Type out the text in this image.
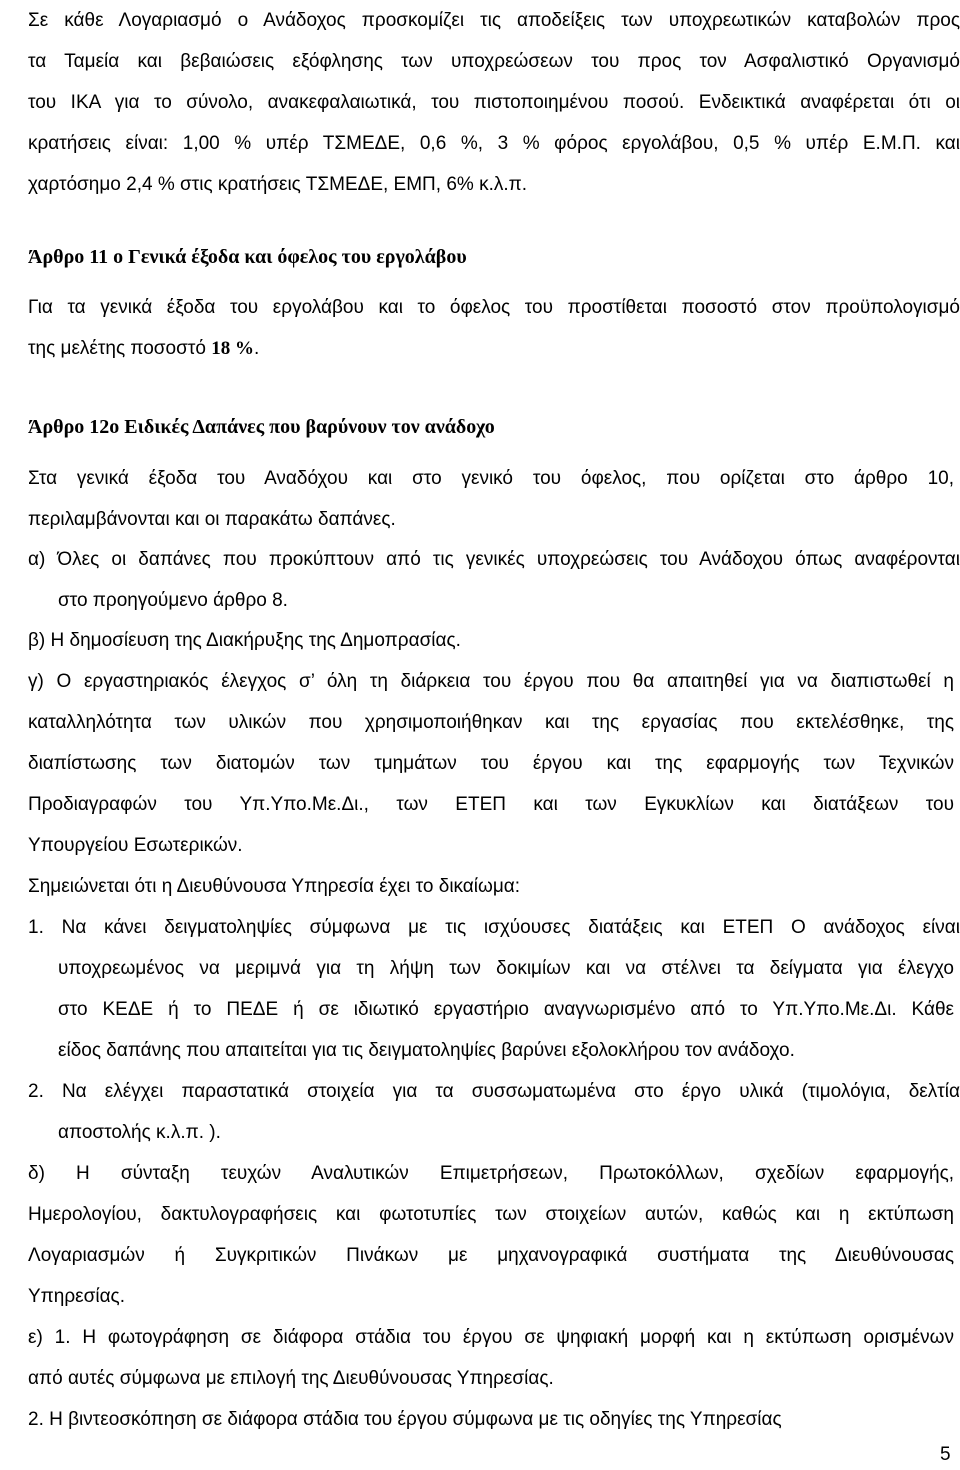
Σε κάθε Λογαριασμό ο Ανάδοχος προσκομίζει τις αποδείξεις των υποχρεωτικών καταβολών προς
τα Ταμεία και βεβαιώσεις εξόφλησης των υποχρεώσεων του προς τον Ασφαλιστικό Οργανισμό
του ΙΚΑ για το σύνολο, ανακεφαλαιωτικά, του πιστοποιημένου ποσού. Ενδεικτικά αναφέρεται ότι οι
κρατήσεις είναι: 1,00 % υπέρ ΤΣΜΕΔΕ, 0,6 %, 3 % φόρος εργολάβου, 0,5 % υπέρ Ε.Μ.Π. και
χαρτόσημο 2,4 % στις κρατήσεις ΤΣΜΕΔΕ, ΕΜΠ, 6% κ.λ.π.
Άρθρο 11 ο Γενικά έξοδα και όφελος του εργολάβου
Για τα γενικά έξοδα του εργολάβου και το όφελος του προστίθεται ποσοστό στον προϋπολογισμό
της μελέτης ποσοστό 18 %.
Άρθρο 12ο Ειδικές Δαπάνες που βαρύνουν τον ανάδοχο
Στα γενικά έξοδα του Αναδόχου και στο γενικό του όφελος, που ορίζεται στο άρθρο 10,
περιλαμβάνονται και οι παρακάτω δαπάνες.
α) Όλες οι δαπάνες που προκύπτουν από τις γενικές υποχρεώσεις του Ανάδοχου όπως αναφέρονται
στο προηγούμενο άρθρο 8.
β) Η δημοσίευση της Διακήρυξης της Δημοπρασίας.
γ) Ο εργαστηριακός έλεγχος σ’ όλη τη διάρκεια του έργου που θα απαιτηθεί για να διαπιστωθεί η
καταλληλότητα των υλικών που χρησιμοποιήθηκαν και της εργασίας που εκτελέσθηκε, της
διαπίστωσης των διατομών των τμημάτων του έργου και της εφαρμογής των Τεχνικών
Προδιαγραφών του Υπ.Υπο.Με.Δι., των ΕΤΕΠ και των Εγκυκλίων και διατάξεων του
Υπουργείου Εσωτερικών.
Σημειώνεται ότι η Διευθύνουσα Υπηρεσία έχει το δικαίωμα:
1. Να κάνει δειγματοληψίες σύμφωνα με τις ισχύουσες διατάξεις και ΕΤΕΠ Ο ανάδοχος είναι
υποχρεωμένος να μεριμνά για τη λήψη των δοκιμίων και να στέλνει τα δείγματα για έλεγχο
στο ΚΕΔΕ ή το ΠΕΔΕ ή σε ιδιωτικό εργαστήριο αναγνωρισμένο από το Υπ.Υπο.Με.Δι. Κάθε
είδος δαπάνης που απαιτείται για τις δειγματοληψίες βαρύνει εξολοκλήρου τον ανάδοχο.
2. Να ελέγχει παραστατικά στοιχεία για τα συσσωματωμένα στο έργο υλικά (τιμολόγια, δελτία
αποστολής κ.λ.π. ).
δ) Η σύνταξη τευχών Αναλυτικών Επιμετρήσεων, Πρωτοκόλλων, σχεδίων εφαρμογής,
Ημερολογίου, δακτυλογραφήσεις και φωτοτυπίες των στοιχείων αυτών, καθώς και η εκτύπωση
Λογαριασμών ή Συγκριτικών Πινάκων με μηχανογραφικά συστήματα της Διευθύνουσας
Υπηρεσίας.
ε) 1. Η φωτογράφηση σε διάφορα στάδια του έργου σε ψηφιακή μορφή και η εκτύπωση ορισμένων
από αυτές σύμφωνα με επιλογή της Διευθύνουσας Υπηρεσίας.
2. Η βιντεοσκόπηση σε διάφορα στάδια του έργου σύμφωνα με τις οδηγίες της Υπηρεσίας
5
